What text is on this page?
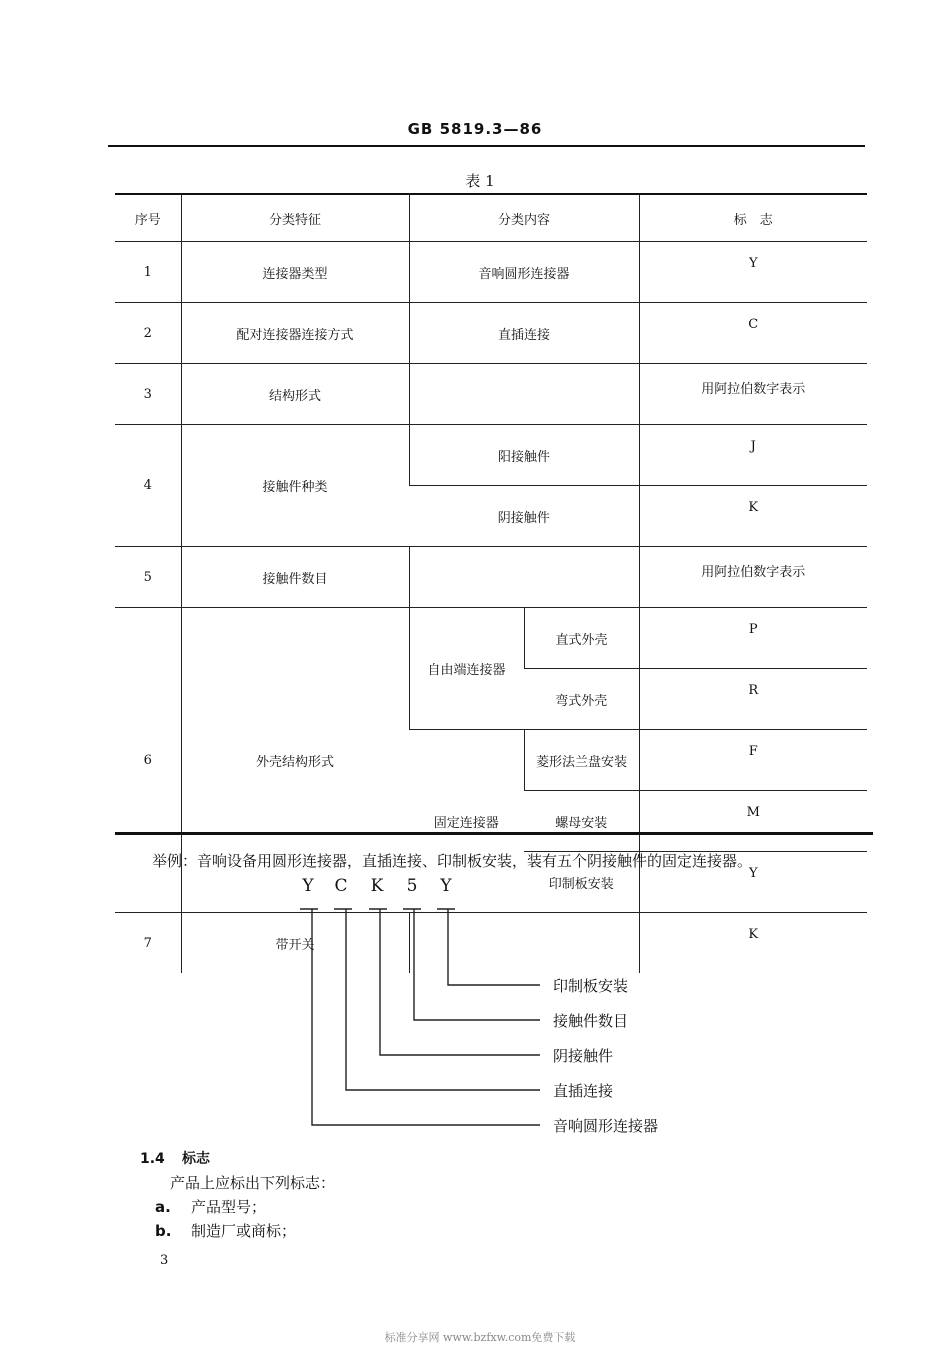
GB 5819.3—86
表 1
序号	分类特征	分类内容		标　志
1	连接器类型	音响圆形连接器		Y
2	配对连接器连接方式	直插连接		C
3	结构形式			用阿拉伯数字表示
4	接触件种类	阳接触件		J
		阴接触件		K
5	接触件数目			用阿拉伯数字表示
6	外壳结构形式	自由端连接器	直式外壳	P
			弯式外壳	R
		固定连接器	菱形法兰盘安装	F
			螺母安装	M
			印制板安装	Y
7	带开关			K
举例：音响设备用圆形连接器，直插连接、印制板安装，装有五个阴接触件的固定连接器。
Y C K 5 Y
印制板安装
接触件数目
阴接触件
直插连接
音响圆形连接器
1.4 标志
产品上应标出下列标志：
a. 产品型号；
b. 制造厂或商标；
3
标准分享网 www.bzfxw.com免费下载
